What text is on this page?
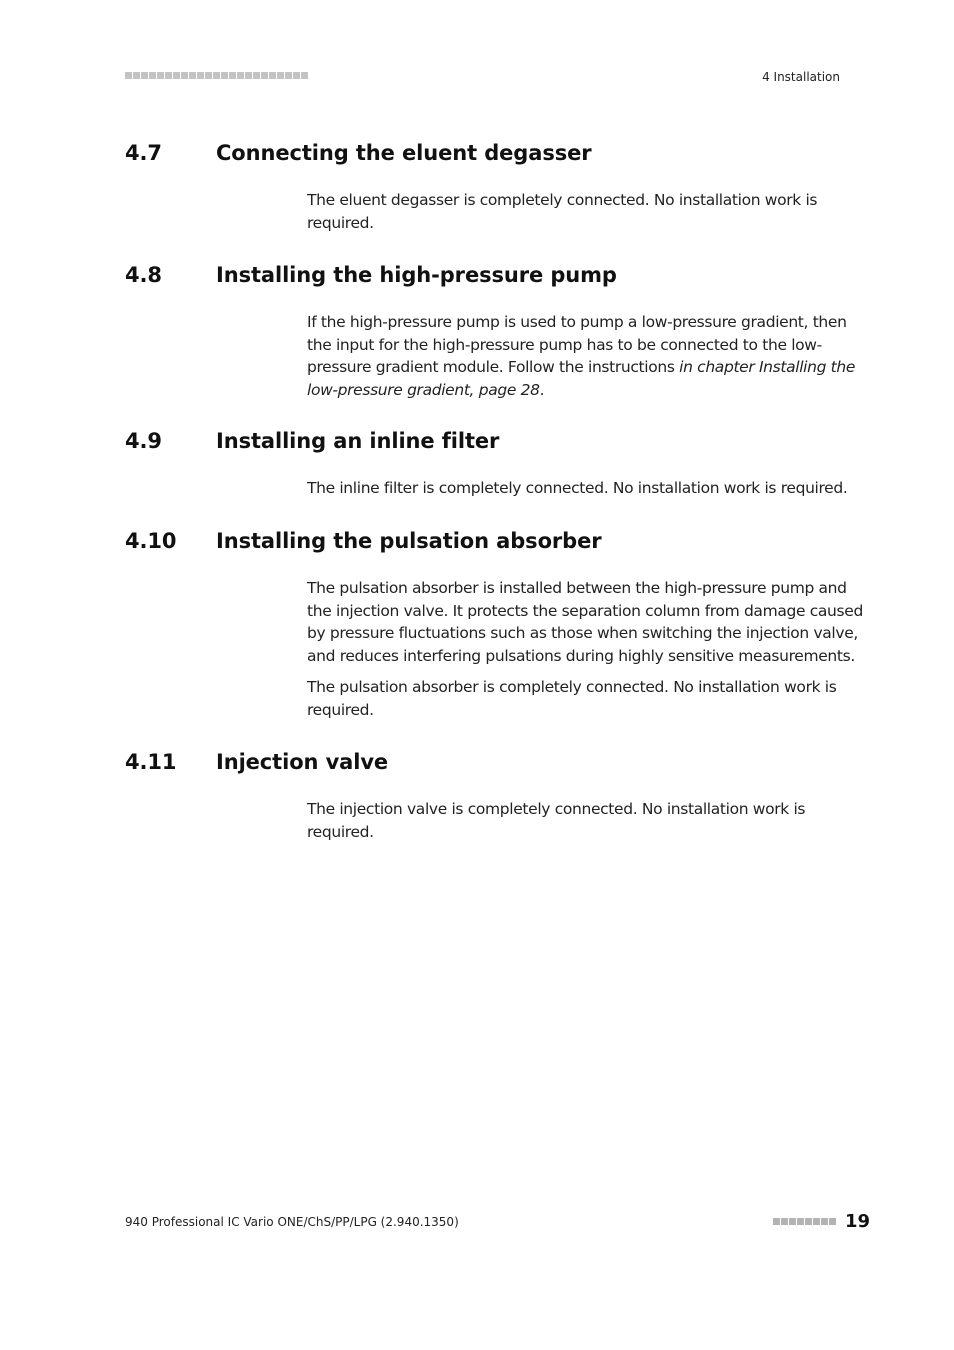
4 Installation
4.7	Connecting the eluent degasser

The eluent degasser is completely connected. No installation work is
required.

4.8	Installing the high-pressure pump

If the high-pressure pump is used to pump a low-pressure gradient, then
the input for the high-pressure pump has to be connected to the low-
pressure gradient module. Follow the instructions in chapter Installing the
low-pressure gradient, page 28.

4.9	Installing an inline filter

The inline filter is completely connected. No installation work is required.

4.10 Installing the pulsation absorber

The pulsation absorber is installed between the high-pressure pump and
the injection valve. It protects the separation column from damage caused
by pressure fluctuations such as those when switching the injection valve,
and reduces interfering pulsations during highly sensitive measurements.

The pulsation absorber is completely connected. No installation work is
required.

4.11 Injection valve

The injection valve is completely connected. No installation work is
required.

940 Professional IC Vario ONE/ChS/PP/LPG (2.940.1350)	19
